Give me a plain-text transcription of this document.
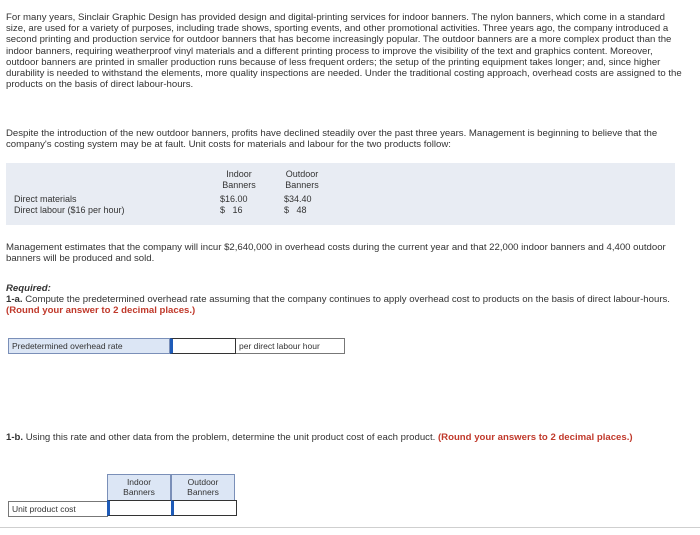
For many years, Sinclair Graphic Design has provided design and digital-printing services for indoor banners. The nylon banners, which come in a standard size, are used for a variety of purposes, including trade shows, sporting events, and other promotional activities. Three years ago, the company introduced a second printing and production service for outdoor banners that has become increasingly popular. The outdoor banners are a more complex product than the indoor banners, requiring weatherproof vinyl materials and a different printing process to improve the visibility of the text and graphics content. Moreover, outdoor banners are printed in smaller production runs because of less frequent orders; the setup of the printing equipment takes longer; and, since higher durability is needed to withstand the elements, more quality inspections are needed. Under the traditional costing approach, overhead costs are assigned to the products on the basis of direct labour-hours.

Despite the introduction of the new outdoor banners, profits have declined steadily over the past three years. Management is beginning to believe that the company's costing system may be at fault. Unit costs for materials and labour for the two products follow:

Indoor
Banners
Outdoor
Banners
Direct materials	$16.00	$34.40
Direct labour ($16 per hour)	$   16	$   48

Management estimates that the company will incur $2,640,000 in overhead costs during the current year and that 22,000 indoor banners and 4,400 outdoor banners will be produced and sold.

Required:

1-a. Compute the predetermined overhead rate assuming that the company continues to apply overhead cost to products on the basis of direct labour-hours. (Round your answer to 2 decimal places.)

Predetermined overhead rate	per direct labour hour

1-b. Using this rate and other data from the problem, determine the unit product cost of each product. (Round your answers to 2 decimal places.)

Indoor
Banners
Outdoor
Banners
Unit product cost
